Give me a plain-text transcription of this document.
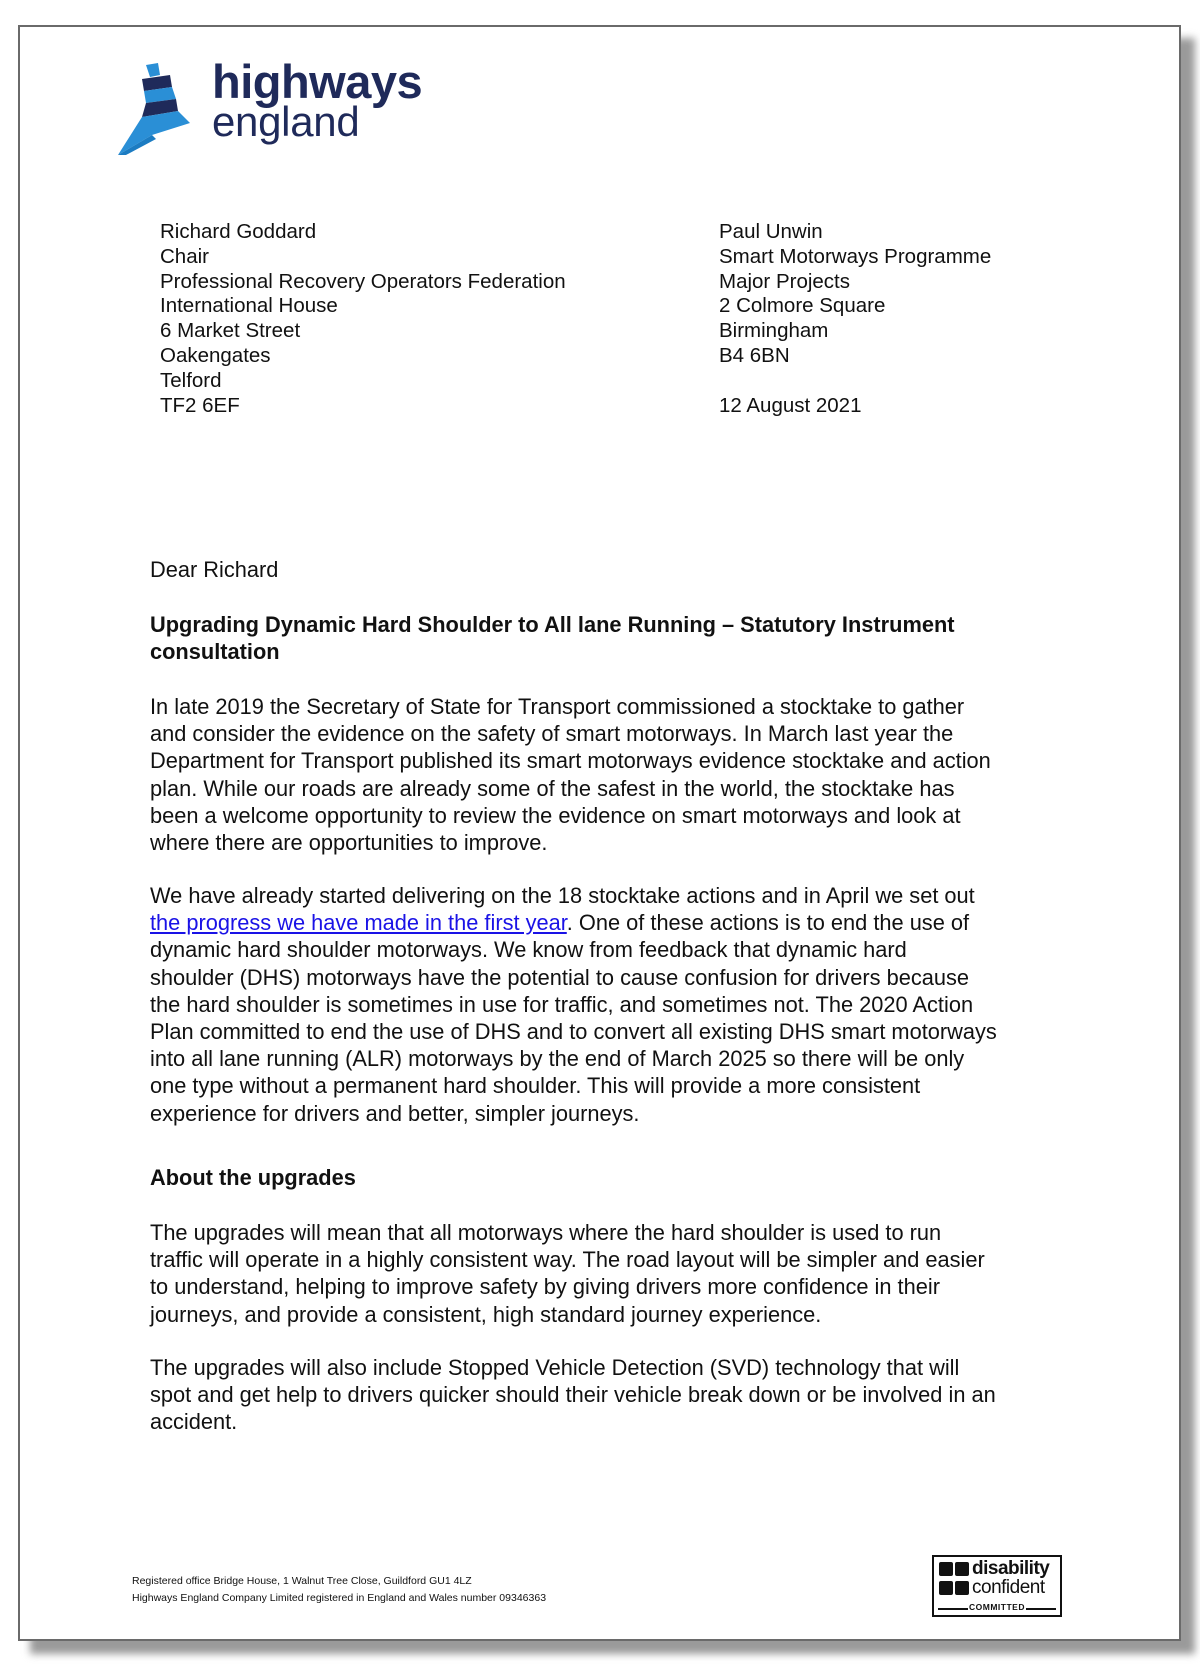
highways
england
Richard Goddard
Chair
Professional Recovery Operators Federation
International House
6 Market Street
Oakengates
Telford
TF2 6EF
Paul Unwin
Smart Motorways Programme
Major Projects
2 Colmore Square
Birmingham
B4 6BN
12 August 2021
Dear Richard
Upgrading Dynamic Hard Shoulder to All lane Running – Statutory Instrument
consultation
In late 2019 the Secretary of State for Transport commissioned a stocktake to gather
and consider the evidence on the safety of smart motorways. In March last year the
Department for Transport published its smart motorways evidence stocktake and action
plan. While our roads are already some of the safest in the world, the stocktake has
been a welcome opportunity to review the evidence on smart motorways and look at
where there are opportunities to improve.
We have already started delivering on the 18 stocktake actions and in April we set out
the progress we have made in the first year. One of these actions is to end the use of
dynamic hard shoulder motorways. We know from feedback that dynamic hard
shoulder (DHS) motorways have the potential to cause confusion for drivers because
the hard shoulder is sometimes in use for traffic, and sometimes not. The 2020 Action
Plan committed to end the use of DHS and to convert all existing DHS smart motorways
into all lane running (ALR) motorways by the end of March 2025 so there will be only
one type without a permanent hard shoulder. This will provide a more consistent
experience for drivers and better, simpler journeys.
About the upgrades
The upgrades will mean that all motorways where the hard shoulder is used to run
traffic will operate in a highly consistent way. The road layout will be simpler and easier
to understand, helping to improve safety by giving drivers more confidence in their
journeys, and provide a consistent, high standard journey experience.
The upgrades will also include Stopped Vehicle Detection (SVD) technology that will
spot and get help to drivers quicker should their vehicle break down or be involved in an
accident.
Registered office Bridge House, 1 Walnut Tree Close, Guildford GU1 4LZ
Highways England Company Limited registered in England and Wales number 09346363
disability
confident
COMMITTED
